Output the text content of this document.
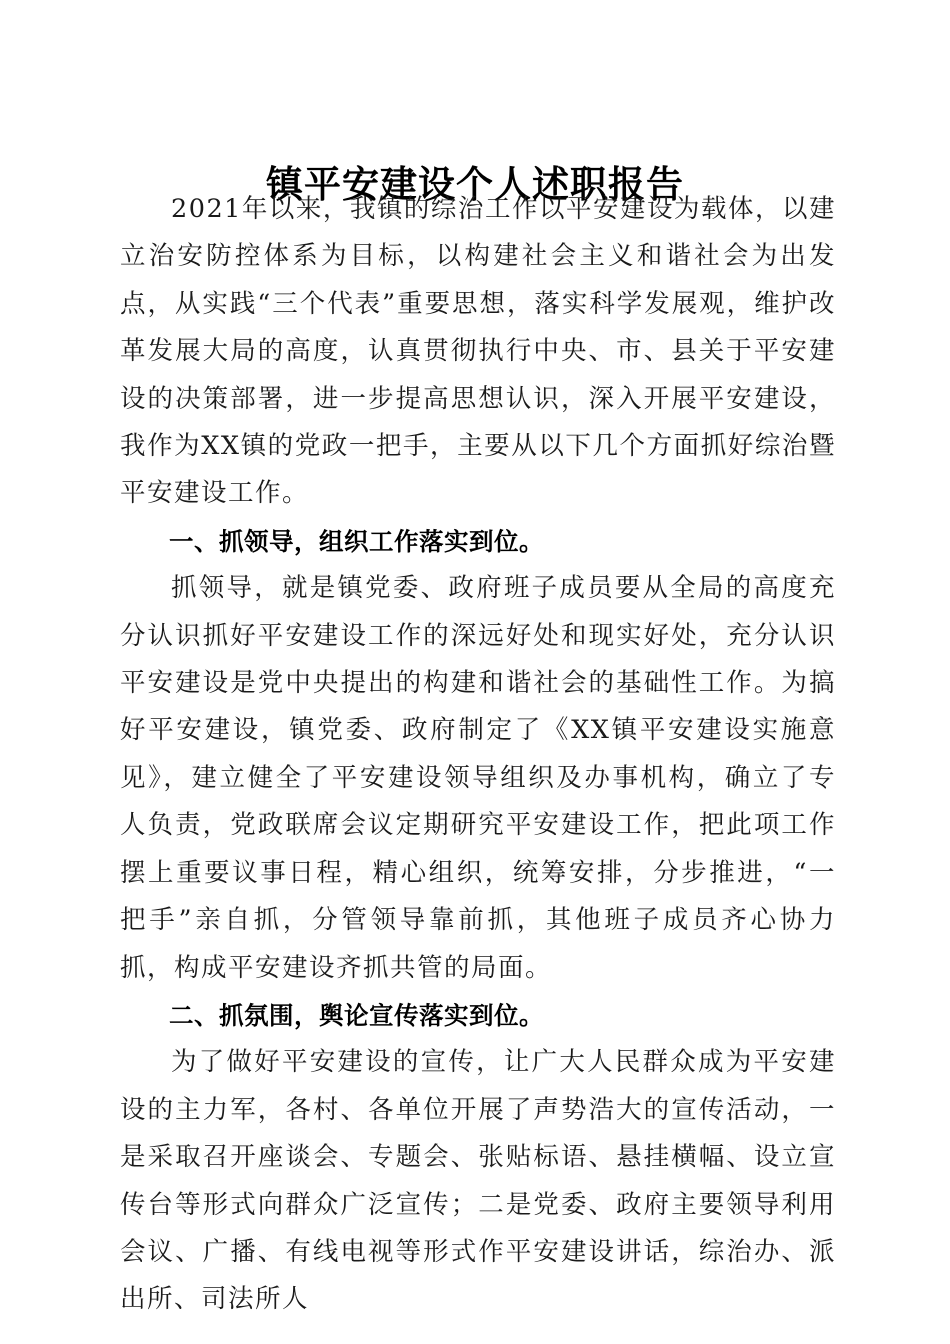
镇平安建设个人述职报告

2021年以来，我镇的综治工作以平安建设为载体，以建立治安防控体系为目标，以构建社会主义和谐社会为出发点，从实践“三个代表”重要思想，落实科学发展观，维护改革发展大局的高度，认真贯彻执行中央、市、县关于平安建设的决策部署，进一步提高思想认识，深入开展平安建设，我作为XX镇的党政一把手，主要从以下几个方面抓好综治暨平安建设工作。

一、抓领导，组织工作落实到位。

抓领导，就是镇党委、政府班子成员要从全局的高度充分认识抓好平安建设工作的深远好处和现实好处，充分认识平安建设是党中央提出的构建和谐社会的基础性工作。为搞好平安建设，镇党委、政府制定了《XX镇平安建设实施意见》，建立健全了平安建设领导组织及办事机构，确立了专人负责，党政联席会议定期研究平安建设工作，把此项工作摆上重要议事日程，精心组织，统筹安排，分步推进，“一把手”亲自抓，分管领导靠前抓，其他班子成员齐心协力抓，构成平安建设齐抓共管的局面。

二、抓氛围，舆论宣传落实到位。

为了做好平安建设的宣传，让广大人民群众成为平安建设的主力军，各村、各单位开展了声势浩大的宣传活动，一是采取召开座谈会、专题会、张贴标语、悬挂横幅、设立宣传台等形式向群众广泛宣传；二是党委、政府主要领导利用会议、广播、有线电视等形式作平安建设讲话，综治办、派出所、司法所人
